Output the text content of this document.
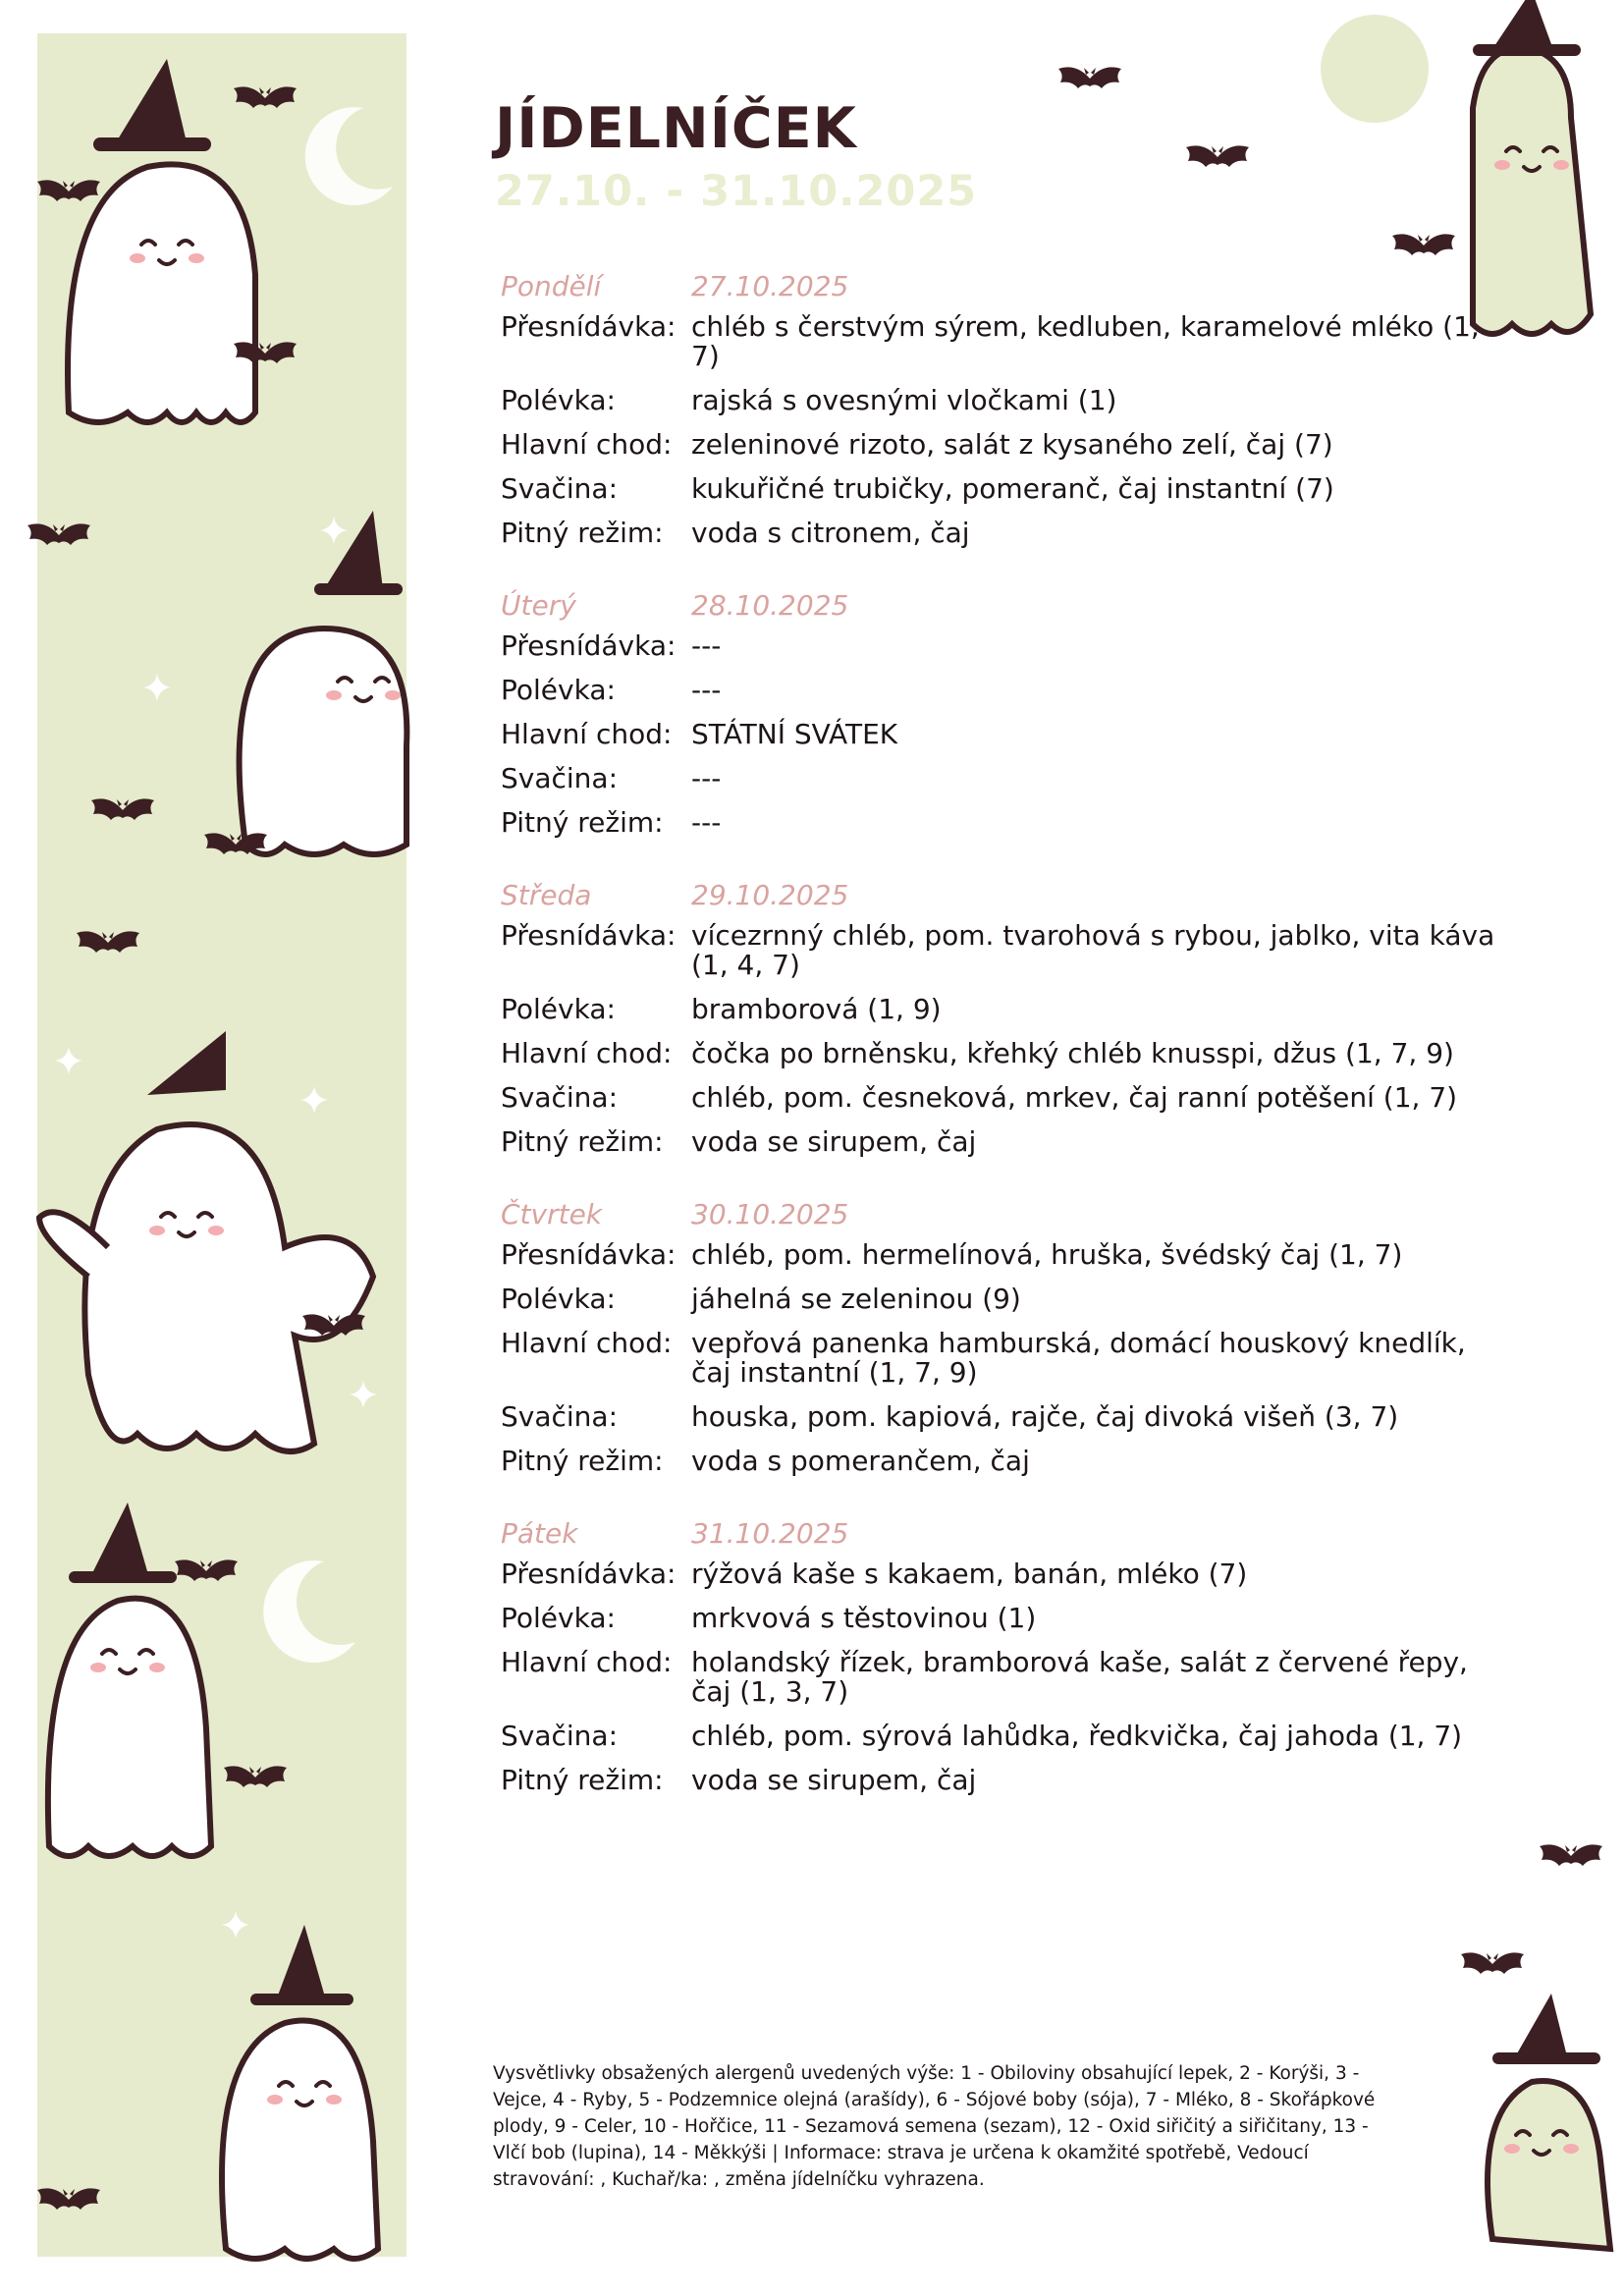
JÍDELNÍČEK
27.10. - 31.10.2025
Pondělí	27.10.2025
Přesnídávka: chléb s čerstvým sýrem, kedluben, karamelové mléko (1, 7)
Polévka:	rajská s ovesnými vločkami (1)
Hlavní chod: zeleninové rizoto, salát z kysaného zelí, čaj (7)
Svačina:	kukuřičné trubičky, pomeranč, čaj instantní (7)
Pitný režim:	voda s citronem, čaj
Úterý	28.10.2025
Přesnídávka: ---
Polévka:	---
Hlavní chod: STÁTNÍ SVÁTEK
Svačina:	---
Pitný režim:	---
Středa	29.10.2025
Přesnídávka: vícezrnný chléb, pom. tvarohová s rybou, jablko, vita káva (1, 4, 7)
Polévka:	bramborová (1, 9)
Hlavní chod: čočka po brněnsku, křehký chléb knusspi, džus (1, 7, 9)
Svačina:	chléb, pom. česneková, mrkev, čaj ranní potěšení (1, 7)
Pitný režim:	voda se sirupem, čaj
Čtvrtek	30.10.2025
Přesnídávka: chléb, pom. hermelínová, hruška, švédský čaj (1, 7)
Polévka:	jáhelná se zeleninou (9)
Hlavní chod: vepřová panenka hamburská, domácí houskový knedlík, čaj instantní (1, 7, 9)
Svačina:	houska, pom. kapiová, rajče, čaj divoká višeň (3, 7)
Pitný režim:	voda s pomerančem, čaj
Pátek	31.10.2025
Přesnídávka: rýžová kaše s kakaem, banán, mléko (7)
Polévka:	mrkvová s těstovinou (1)
Hlavní chod: holandský řízek, bramborová kaše, salát z červené řepy, čaj (1, 3, 7)
Svačina:	chléb, pom. sýrová lahůdka, ředkvička, čaj jahoda (1, 7)
Pitný režim:	voda se sirupem, čaj
Vysvětlivky obsažených alergenů uvedených výše: 1 - Obiloviny obsahující lepek, 2 - Korýši, 3 - Vejce, 4 - Ryby, 5 - Podzemnice olejná (arašídy), 6 - Sójové boby (sója), 7 - Mléko, 8 - Skořápkové plody, 9 - Celer, 10 - Hořčice, 11 - Sezamová semena (sezam), 12 - Oxid siřičitý a siřičitany, 13 - Vlčí bob (lupina), 14 - Měkkýši | Informace: strava je určena k okamžité spotřebě, Vedoucí stravování: , Kuchař/ka: , změna jídelníčku vyhrazena.
